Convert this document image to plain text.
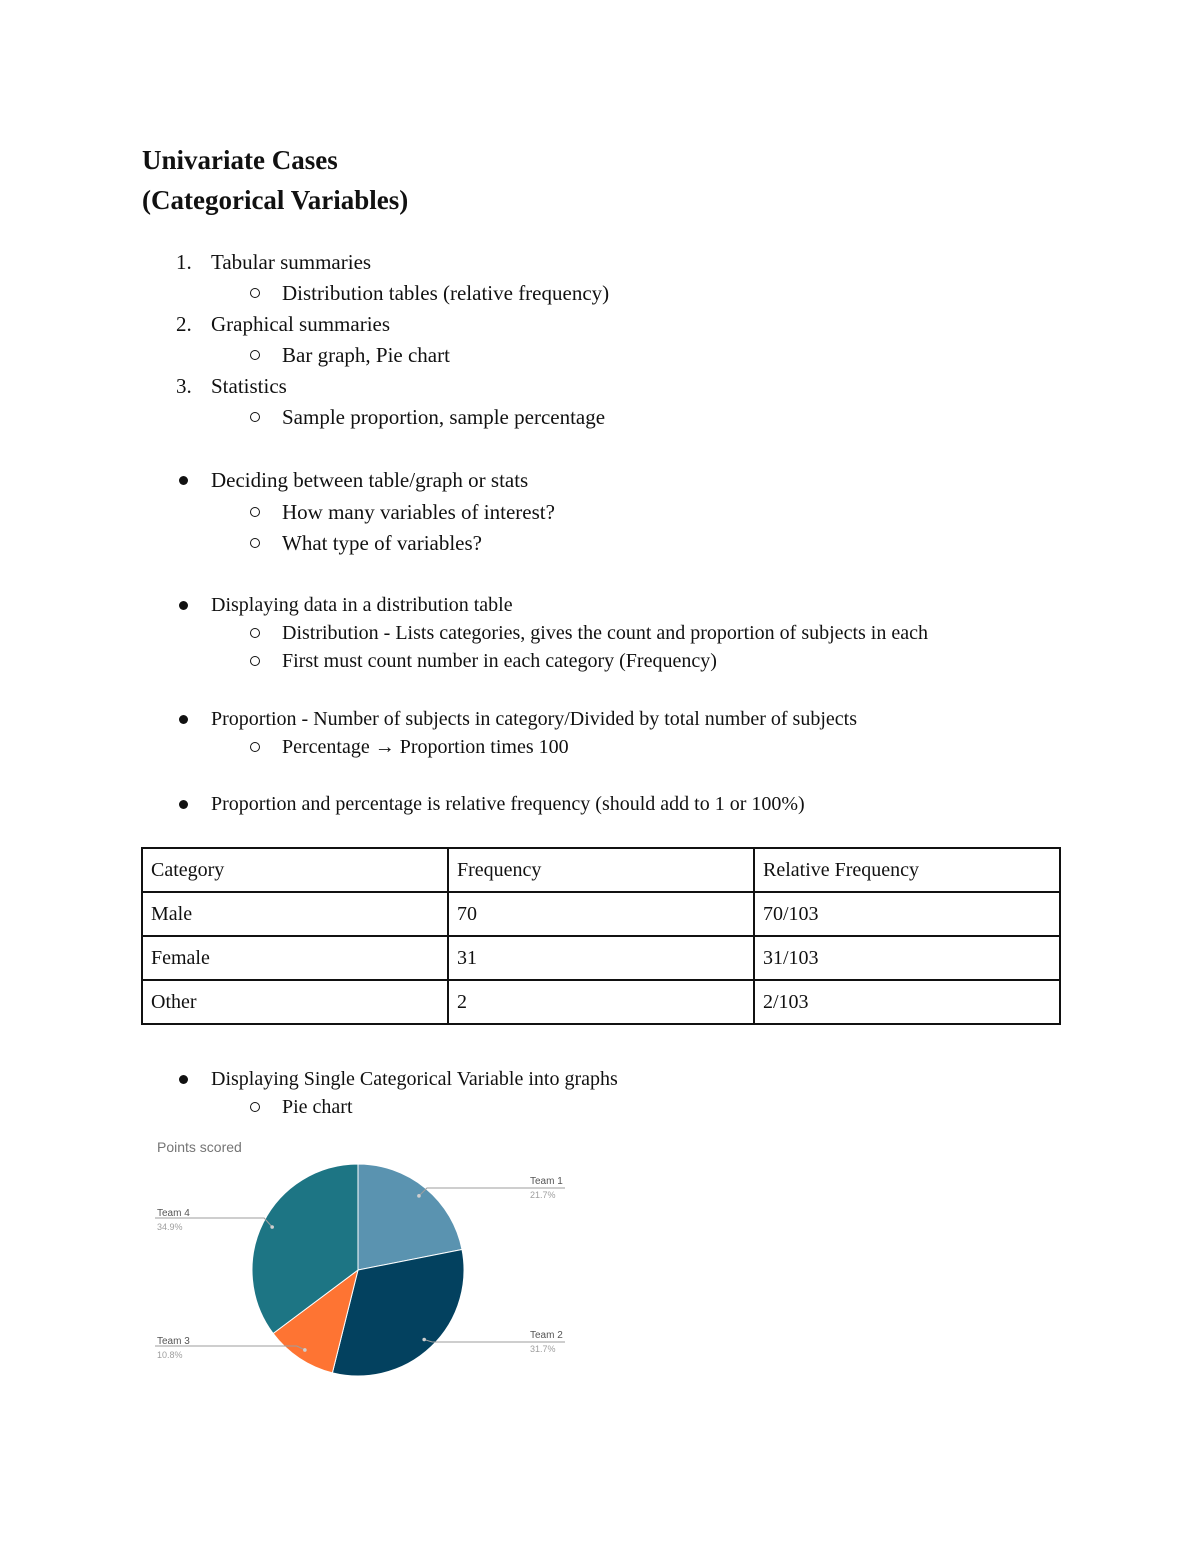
Univariate Cases

(Categorical Variables)

1. Tabular summaries
Distribution tables (relative frequency)
2. Graphical summaries
Bar graph, Pie chart
3. Statistics
Sample proportion, sample percentage
Deciding between table/graph or stats
How many variables of interest?
What type of variables?
Displaying data in a distribution table
Distribution - Lists categories, gives the count and proportion of subjects in each
First must count number in each category (Frequency)
Proportion - Number of subjects in category/Divided by total number of subjects
Percentage → Proportion times 100
Proportion and percentage is relative frequency (should add to 1 or 100%)
Category	Frequency	Relative Frequency
Male	70	70/103
Female	31	31/103
Other	2	2/103
Displaying Single Categorical Variable into graphs
Pie chart
Points scored
Team 1
21.7%
Team 2
31.7%
Team 3
10.8%
Team 4
34.9%
